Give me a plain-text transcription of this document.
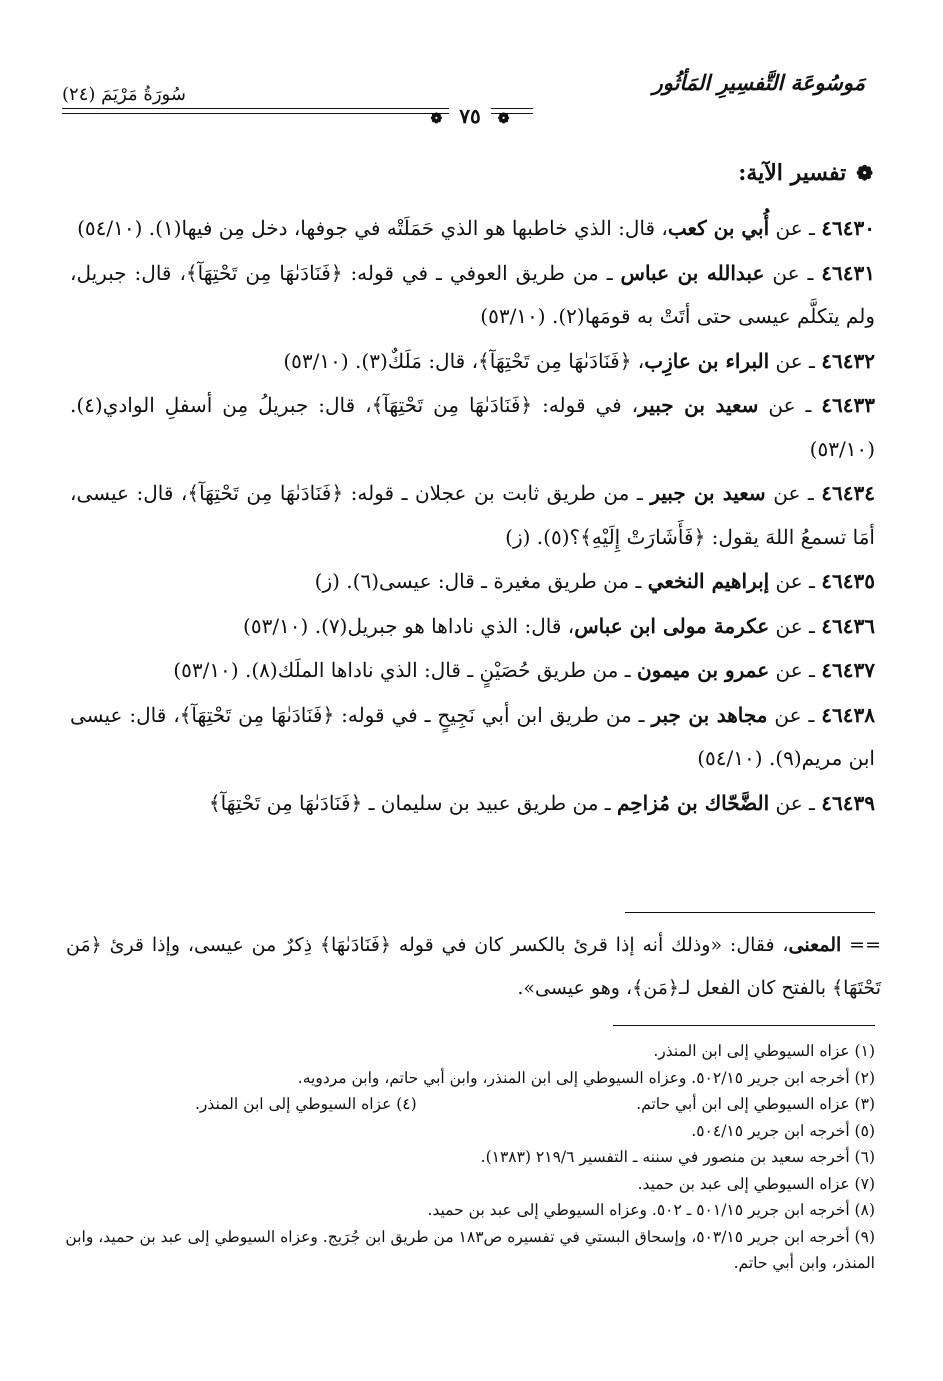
مَوسُوعَة التَّفسِيرِ المَأثُور
سُورَةُ مَرْيَمَ (٢٤)
❁ ٧٥ ❁
❁تفسير الآية:

٤٦٤٣٠ ـ عن أُبي بن كعب، قال: الذي خاطبها هو الذي حَمَلَتْه في جوفها، دخل مِن فيها(١). (٥٤/١٠)

٤٦٤٣١ ـ عن عبدالله بن عباس ـ من طريق العوفي ـ في قوله: ﴿فَنَادَىٰهَا مِن تَحْتِهَآ﴾، قال: جبريل، ولم يتكلَّم عيسى حتى أتَتْ به قومَها(٢). (٥٣/١٠)

٤٦٤٣٢ ـ عن البراء بن عازِب، ﴿فَنَادَىٰهَا مِن تَحْتِهَآ﴾، قال: مَلَكٌ(٣). (٥٣/١٠)

٤٦٤٣٣ ـ عن سعيد بن جبير، في قوله: ﴿فَنَادَىٰهَا مِن تَحْتِهَآ﴾، قال: جبريلُ مِن أسفلِ الوادي(٤). (٥٣/١٠)

٤٦٤٣٤ ـ عن سعيد بن جبير ـ من طريق ثابت بن عجلان ـ قوله: ﴿فَنَادَىٰهَا مِن تَحْتِهَآ﴾، قال: عيسى، أمَا تسمعُ اللهَ يقول: ﴿فَأَشَارَتْ إِلَيْهِ﴾؟(٥). (ز)

٤٦٤٣٥ ـ عن إبراهيم النخعي ـ من طريق مغيرة ـ قال: عيسى(٦). (ز)

٤٦٤٣٦ ـ عن عكرمة مولى ابن عباس، قال: الذي ناداها هو جبريل(٧). (٥٣/١٠)

٤٦٤٣٧ ـ عن عمرو بن ميمون ـ من طريق حُصَيْنٍ ـ قال: الذي ناداها الملَك(٨). (٥٣/١٠)

٤٦٤٣٨ ـ عن مجاهد بن جبر ـ من طريق ابن أبي نَجِيحٍ ـ في قوله: ﴿فَنَادَىٰهَا مِن تَحْتِهَآ﴾، قال: عيسى ابن مريم(٩). (٥٤/١٠)

٤٦٤٣٩ ـ عن الضَّحّاك بن مُزاحِم ـ من طريق عبيد بن سليمان ـ ﴿فَنَادَىٰهَا مِن تَحْتِهَآ﴾

== المعنى، فقال: «وذلك أنه إذا قرئ بالكسر كان في قوله ﴿فَنَادَىٰهَا﴾ ذِكرٌ من عيسى، وإذا قرئ ﴿مَن تَحْتَهَا﴾ بالفتح كان الفعل لـ﴿مَن﴾، وهو عيسى».

(١) عزاه السيوطي إلى ابن المنذر.

(٢) أخرجه ابن جرير ٥٠٢/١٥. وعزاه السيوطي إلى ابن المنذر، وابن أبي حاتم، وابن مردويه.

(٣) عزاه السيوطي إلى ابن أبي حاتم.
(٤) عزاه السيوطي إلى ابن المنذر.

(٥) أخرجه ابن جرير ٥٠٤/١٥.

(٦) أخرجه سعيد بن منصور في سننه ـ التفسير ٢١٩/٦ (١٣٨٣).

(٧) عزاه السيوطي إلى عبد بن حميد.

(٨) أخرجه ابن جرير ٥٠١/١٥ ـ ٥٠٢. وعزاه السيوطي إلى عبد بن حميد.

(٩) أخرجه ابن جرير ٥٠٣/١٥، وإسحاق البستي في تفسيره ص١٨٣ من طريق ابن جُرَيج. وعزاه السيوطي إلى عبد بن حميد، وابن المنذر، وابن أبي حاتم.
